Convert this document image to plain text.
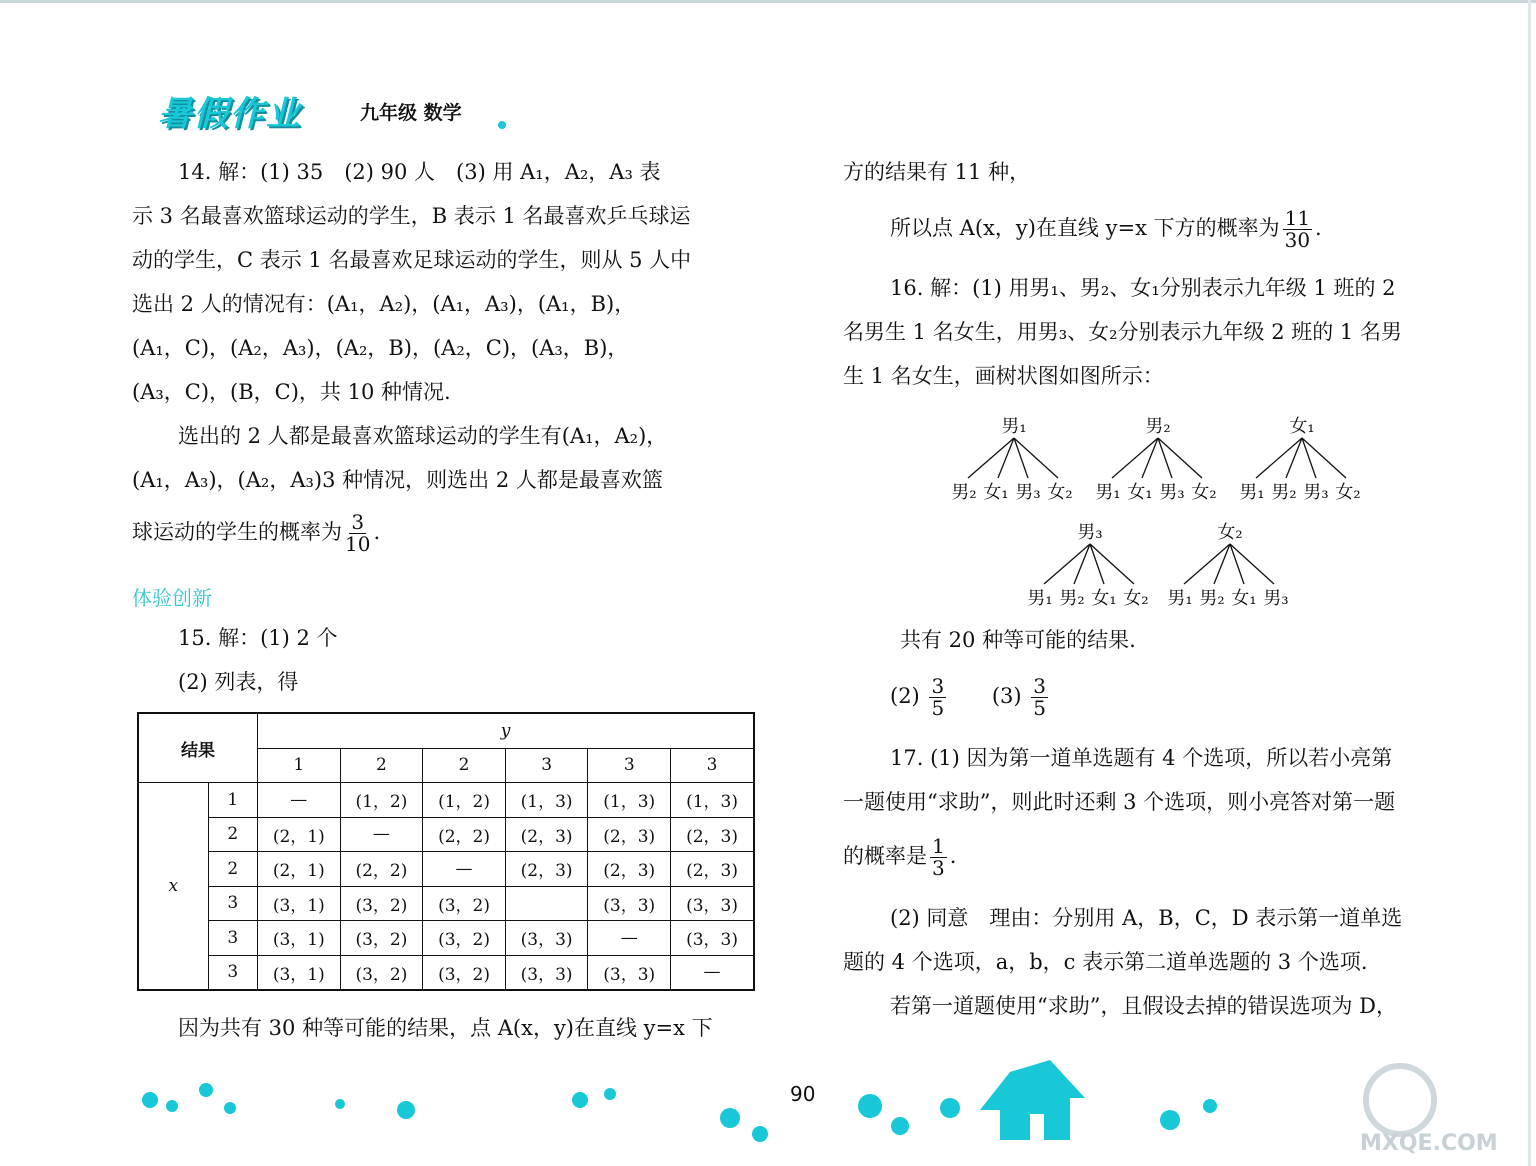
暑假作业	九年级 数学
14. 解：(1) 35　(2) 90 人　(3) 用 A₁，A₂，A₃ 表
示 3 名最喜欢篮球运动的学生，B 表示 1 名最喜欢乒乓球运
动的学生，C 表示 1 名最喜欢足球运动的学生，则从 5 人中
选出 2 人的情况有：(A₁，A₂)，(A₁，A₃)，(A₁，B)，
(A₁，C)，(A₂，A₃)，(A₂，B)，(A₂，C)，(A₃，B)，
(A₃，C)，(B，C)，共 10 种情况.
选出的 2 人都是最喜欢篮球运动的学生有(A₁，A₂)，
(A₁，A₃)，(A₂，A₃)3 种情况，则选出 2 人都是最喜欢篮
球运动的学生的概率为 $\frac{3}{10}$ .
体验创新
15. 解：(1) 2 个
(2) 列表，得
结果		y					
		1	2	2	3	3	3
x	1	—	(1，2)	(1，2)	(1，3)	(1，3)	(1，3)
	2	(2，1)	—	(2，2)	(2，3)	(2，3)	(2，3)
	2	(2，1)	(2，2)	—	(2，3)	(2，3)	(2，3)
	3	(3，1)	(3，2)	(3，2)		(3，3)	(3，3)
	3	(3，1)	(3，2)	(3，2)	(3，3)	—	(3，3)
	3	(3，1)	(3，2)	(3，2)	(3，3)	(3，3)	—
因为共有 30 种等可能的结果，点 A(x，y)在直线 y=x 下
方的结果有 11 种，
所以点 A(x，y)在直线 y=x 下方的概率为 $\frac{11}{30}$ .
16. 解：(1) 用男₁、男₂、女₁分别表示九年级 1 班的 2
名男生 1 名女生，用男₃、女₂分别表示九年级 2 班的 1 名男
生 1 名女生，画树状图如图所示：
男₁
男₂ 女₁ 男₃ 女₂
男₂
男₁ 女₁ 男₃ 女₂
女₁
男₁ 男₂ 男₃ 女₂
男₃
男₁ 男₂ 女₁ 女₂
女₂
男₁ 男₂ 女₁ 男₃
共有 20 种等可能的结果.
$(2) \frac{3}{5} (3) \frac{3}{5}$
17. (1) 因为第一道单选题有 4 个选项，所以若小亮第
一题使用“求助”，则此时还剩 3 个选项，则小亮答对第一题
的概率是 $\frac{1}{3}$ .
(2) 同意　理由：分别用 A，B，C，D 表示第一道单选
题的 4 个选项，a，b，c 表示第二道单选题的 3 个选项.
若第一道题使用“求助”，且假设去掉的错误选项为 D，
90
MXQE.COM
